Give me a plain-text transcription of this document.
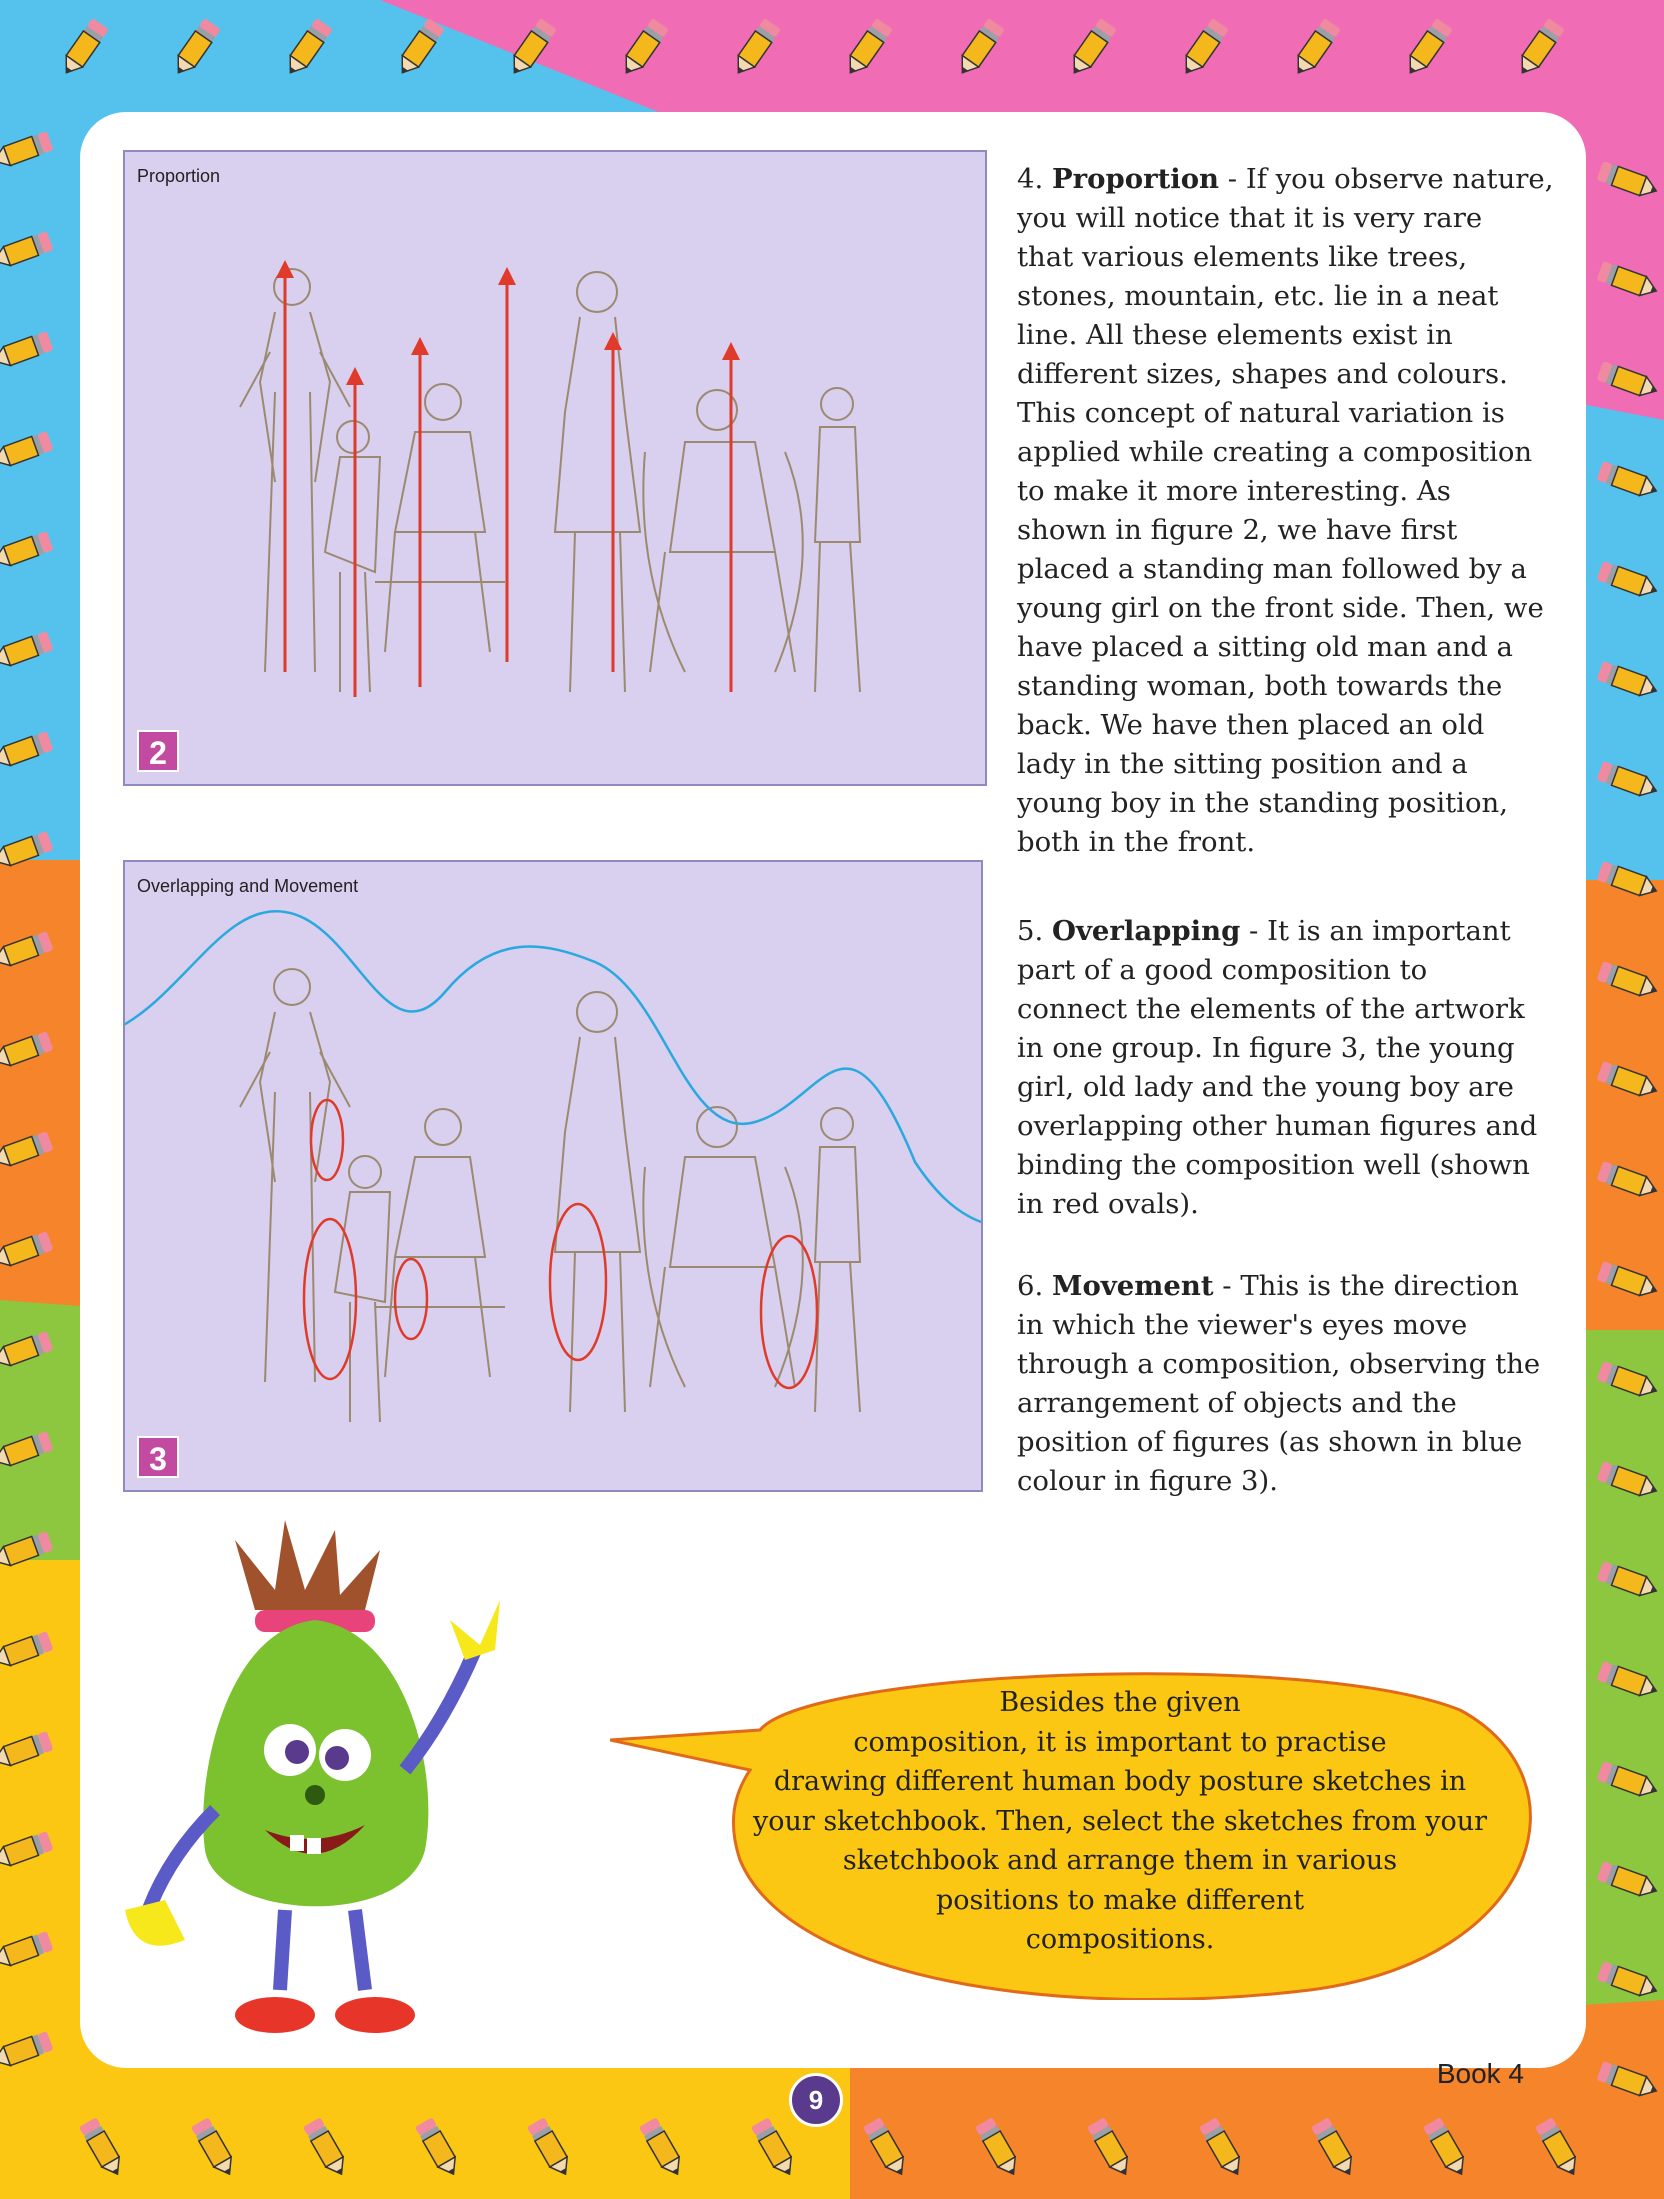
Proportion
2
Overlapping and Movement
3

4. Proportion - If you observe nature,

you will notice that it is very rare

that various elements like trees,

stones, mountain, etc. lie in a neat

line. All these elements exist in

different sizes, shapes and colours.

This concept of natural variation is

applied while creating a composition

to make it more interesting. As

shown in figure 2, we have first

placed a standing man followed by a

young girl on the front side. Then, we

have placed a sitting old man and a

standing woman, both towards the

back. We have then placed an old

lady in the sitting position and a

young boy in the standing position,

both in the front.

5. Overlapping - It is an important

part of a good composition to

connect the elements of the artwork

in one group. In figure 3, the young

girl, old lady and the young boy are

overlapping other human figures and

binding the composition well (shown

in red ovals).

6. Movement - This is the direction

in which the viewer's eyes move

through a composition, observing the

arrangement of objects and the

position of figures (as shown in blue

colour in figure 3).

Besides the given
composition, it is important to practise
drawing different human body posture sketches in
your sketchbook. Then, select the sketches from your
sketchbook and arrange them in various
positions to make different
compositions.
Book 4
9
